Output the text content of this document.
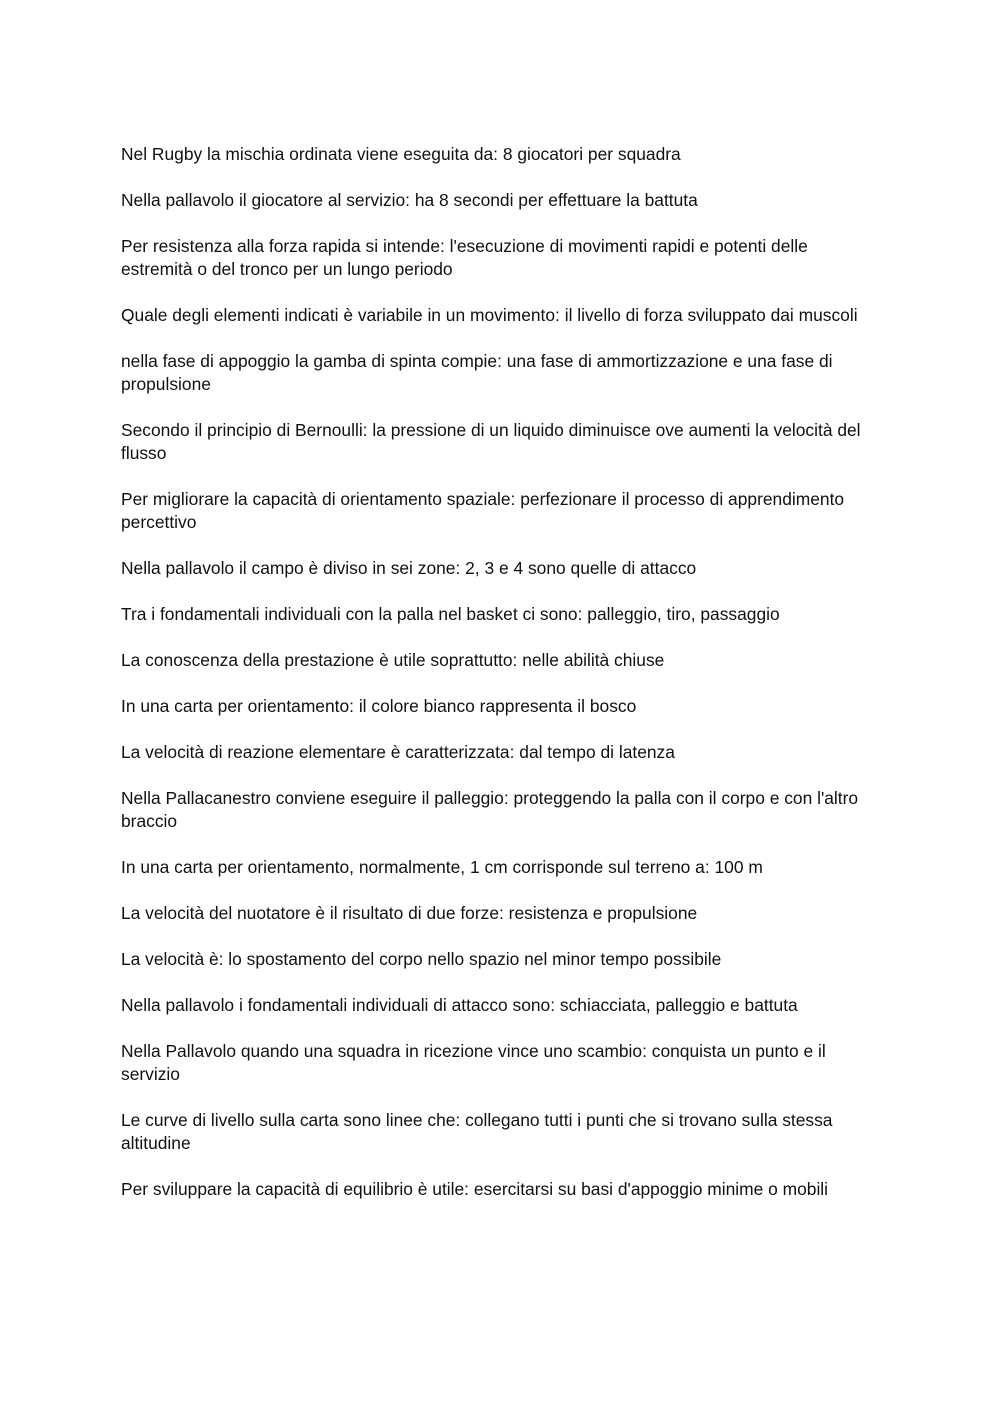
Nel Rugby la mischia ordinata viene eseguita da: 8 giocatori per squadra

Nella pallavolo il giocatore al servizio: ha 8 secondi per effettuare la battuta

Per resistenza alla forza rapida si intende: l'esecuzione di movimenti rapidi e potenti delle estremità o del tronco per un lungo periodo

Quale degli elementi indicati è variabile in un movimento: il livello di forza sviluppato dai muscoli

nella fase di appoggio la gamba di spinta compie: una fase di ammortizzazione e una fase di propulsione

Secondo il principio di Bernoulli: la pressione di un liquido diminuisce ove aumenti la velocità del flusso

Per migliorare la capacità di orientamento spaziale: perfezionare il processo di apprendimento percettivo

Nella pallavolo il campo è diviso in sei zone: 2, 3 e 4 sono quelle di attacco

Tra i fondamentali individuali con la palla nel basket ci sono: palleggio, tiro, passaggio

La conoscenza della prestazione è utile soprattutto: nelle abilità chiuse

In una carta per orientamento: il colore bianco rappresenta il bosco

La velocità di reazione elementare è caratterizzata: dal tempo di latenza

Nella Pallacanestro conviene eseguire il palleggio: proteggendo la palla con il corpo e con l'altro braccio

In una carta per orientamento, normalmente, 1 cm corrisponde sul terreno a: 100 m

La velocità del nuotatore è il risultato di due forze: resistenza e propulsione

La velocità è: lo spostamento del corpo nello spazio nel minor tempo possibile

Nella pallavolo i fondamentali individuali di attacco sono: schiacciata, palleggio e battuta

Nella Pallavolo quando una squadra in ricezione vince uno scambio: conquista un punto e il servizio

Le curve di livello sulla carta sono linee che: collegano tutti i punti che si trovano sulla stessa altitudine

Per sviluppare la capacità di equilibrio è utile: esercitarsi su basi d'appoggio minime o mobili
